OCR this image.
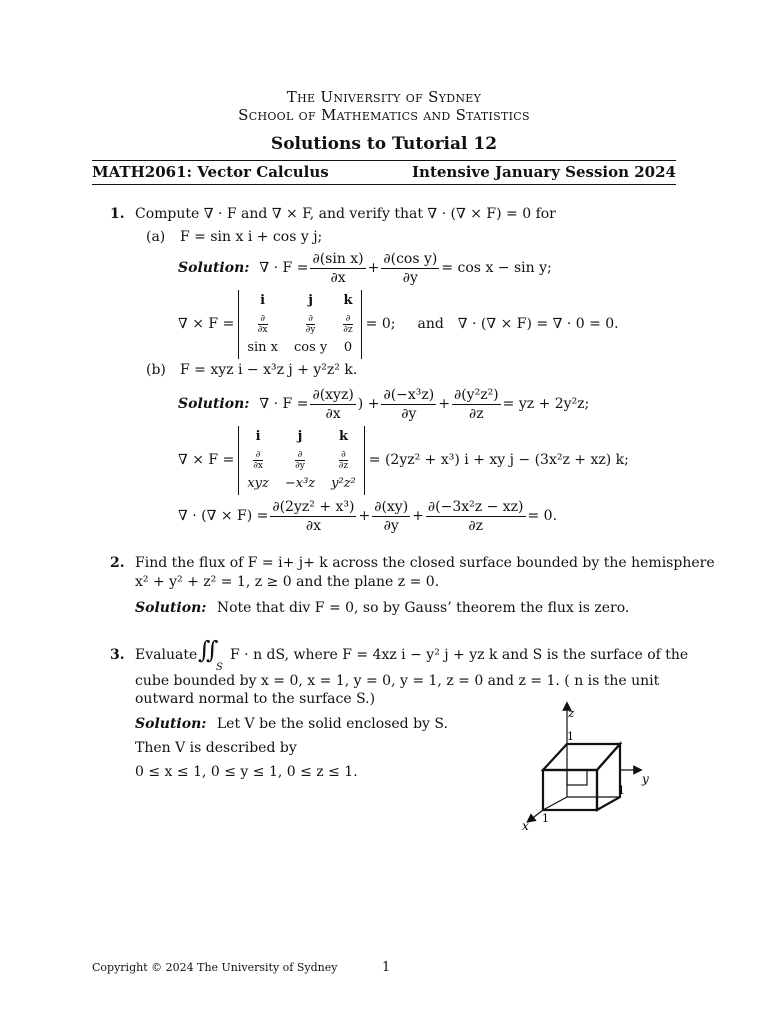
The University of Sydney
School of Mathematics and Statistics
Solutions to Tutorial 12
MATH2061: Vector Calculus	Intensive January Session 2024
1. Compute ∇ · F and ∇ × F, and verify that ∇ · (∇ × F) = 0 for
(a) F = sin x i + cos y j;
Solution: ∇ · $F = \frac{\text{∂(sin x)}}{\partial x} + \frac{\text{∂(cos y)}}{\partial y} = \cos x - \sin y$;
∇ × F =
i	j	k

$\frac{\partial}{\partial x}$	$\frac{\partial}{\partial y}$	$\frac{\partial}{\partial z}$

sin x	cos y	0
= 0; and ∇ · (∇ × F) = ∇ · 0 = 0.
(b) F = xyz i − x³z j + y²z² k.
Solution: ∇ · $F = \frac{\text{∂(xyz)}}{\partial x}$ ) + $\frac{\text{∂(−x³z)}}{\partial y} + \frac{\text{∂(y²z²)}}{\partial z}$ = yz + 2y²z;
∇ × F =
i	j	k

$\frac{\partial}{\partial x}$	$\frac{\partial}{\partial y}$	$\frac{\partial}{\partial z}$

xyz	−x³z	y²z²
= (2yz² + x³) i + xy j − (3x²z + xz) k;
∇ · (∇ × $F) = \frac{\text{∂(2yz² + x³)}}{\partial x} + \frac{\partial(xy)}{\partial y} + \frac{\text{∂(−3x²z − xz)}}{\partial z} = 0$.
2. Find the flux of F = i+ j+ k across the closed surface bounded by the hemisphere
x² + y² + z² = 1, z ≥ 0 and the plane z = 0.
Solution: Note that div F = 0, so by Gauss’ theorem the flux is zero.
3. Evaluate ∬
S
F · n dS, where F = 4xz i − y² j + yz k and S is the surface of the
cube bounded by x = 0, x = 1, y = 0, y = 1, z = 0 and z = 1. ( n is the unit
outward normal to the surface S.)
Solution: Let V be the solid enclosed by S.
Then V is described by
0 ≤ x ≤ 1, 0 ≤ y ≤ 1, 0 ≤ z ≤ 1.
z
1
y
1
x
1
Copyright © 2024 The University of Sydney	1
